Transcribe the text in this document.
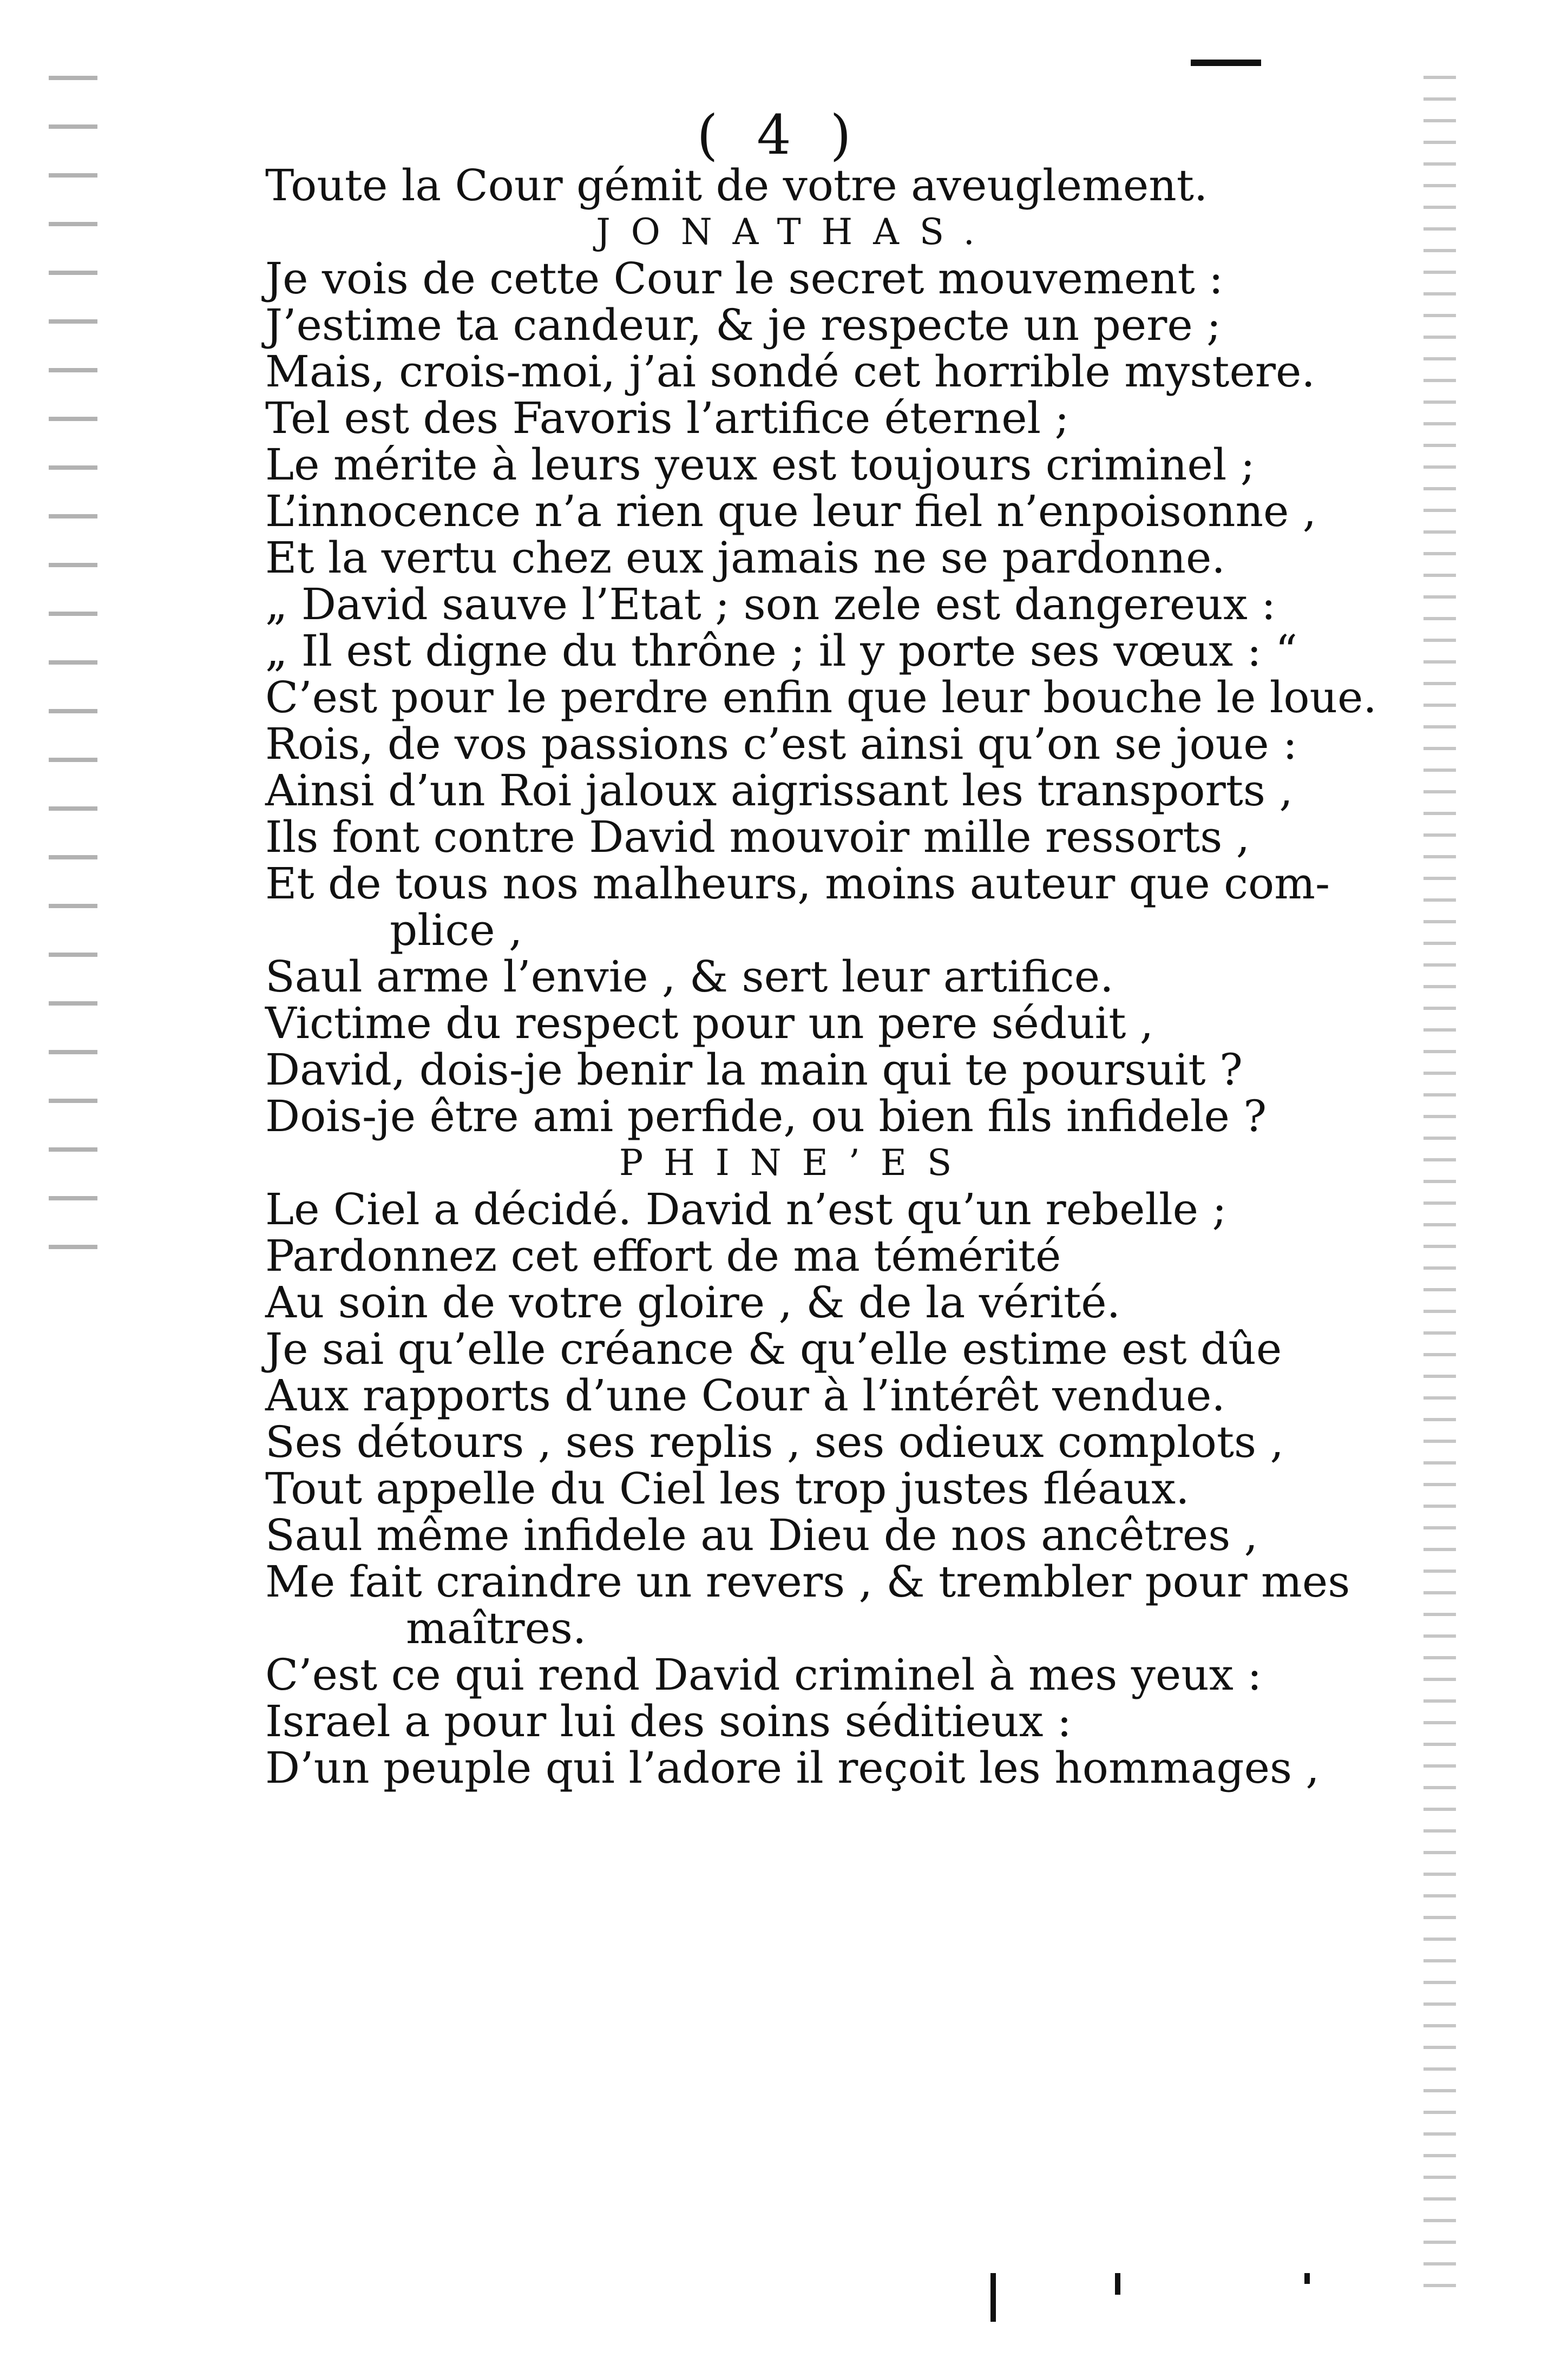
( 4 )
Toute la Cour gémit de votre aveuglement.
JONATHAS.
Je vois de cette Cour le secret mouvement :
J’estime ta candeur, & je respecte un pere ;
Mais, crois-moi, j’ai sondé cet horrible mystere.
Tel est des Favoris l’artifice éternel ;
Le mérite à leurs yeux est toujours criminel ;
L’innocence n’a rien que leur fiel n’enpoisonne ,
Et la vertu chez eux jamais ne se pardonne.
„ David sauve l’Etat ; son zele est dangereux :
„ Il est digne du thrône ; il y porte ses vœux : “
C’est pour le perdre enfin que leur bouche le loue.
Rois, de vos passions c’est ainsi qu’on se joue :
Ainsi d’un Roi jaloux aigrissant les transports ,
Ils font contre David mouvoir mille ressorts ,
Et de tous nos malheurs, moins auteur que com-
plice ,
Saul arme l’envie , & sert leur artifice.
Victime du respect pour un pere séduit ,
David, dois-je benir la main qui te poursuit ?
Dois-je être ami perfide, ou bien fils infidele ?
PHINE’ES
Le Ciel a décidé. David n’est qu’un rebelle ;
Pardonnez cet effort de ma témérité
Au soin de votre gloire , & de la vérité.
Je sai qu’elle créance & qu’elle estime est dûe
Aux rapports d’une Cour à l’intérêt vendue.
Ses détours , ses replis , ses odieux complots ,
Tout appelle du Ciel les trop justes fléaux.
Saul même infidele au Dieu de nos ancêtres ,
Me fait craindre un revers , & trembler pour mes
maîtres.
C’est ce qui rend David criminel à mes yeux :
Israel a pour lui des soins séditieux :
D’un peuple qui l’adore il reçoit les hommages ,
